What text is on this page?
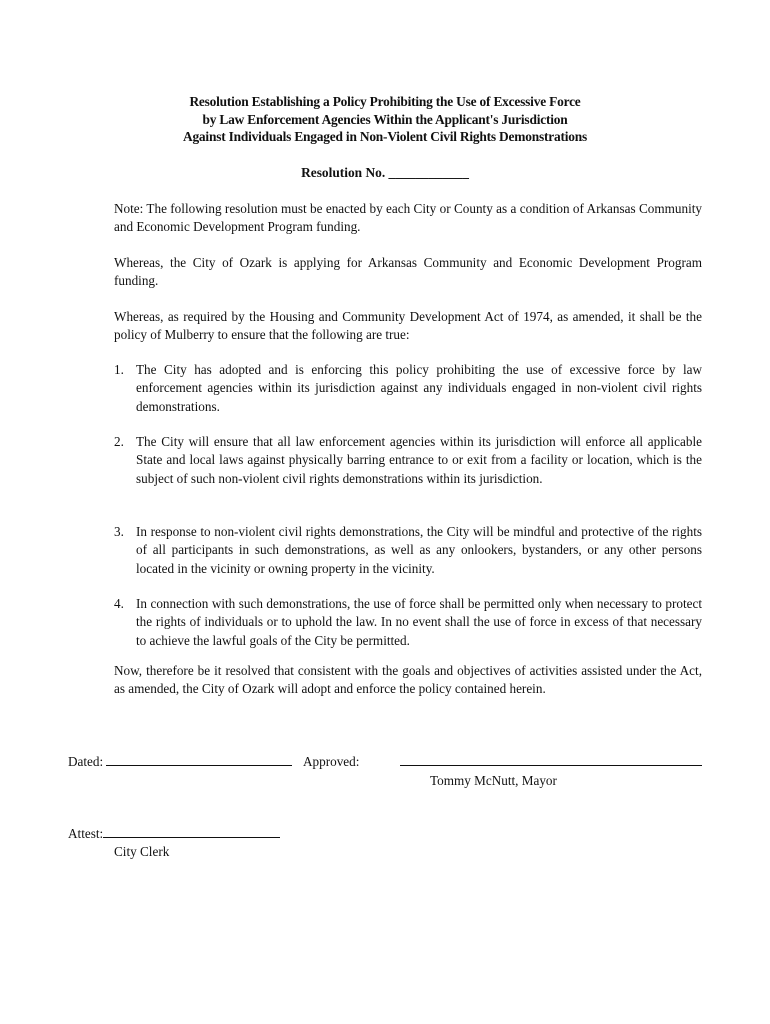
Resolution Establishing a Policy Prohibiting the Use of Excessive Force
by Law Enforcement Agencies Within the Applicant's Jurisdiction
Against Individuals Engaged in Non-Violent Civil Rights Demonstrations
Resolution No. ____________
Note: The following resolution must be enacted by each City or County as a condition of Arkansas Community and Economic Development Program funding.
Whereas, the City of Ozark is applying for Arkansas Community and Economic Development Program funding.
Whereas, as required by the Housing and Community Development Act of 1974, as amended, it shall be the policy of Mulberry to ensure that the following are true:
1. The City has adopted and is enforcing this policy prohibiting the use of excessive force by law enforcement agencies within its jurisdiction against any individuals engaged in non-violent civil rights demonstrations.
2. The City will ensure that all law enforcement agencies within its jurisdiction will enforce all applicable State and local laws against physically barring entrance to or exit from a facility or location, which is the subject of such non-violent civil rights demonstrations within its jurisdiction.
3. In response to non-violent civil rights demonstrations, the City will be mindful and protective of the rights of all participants in such demonstrations, as well as any onlookers, bystanders, or any other persons located in the vicinity or owning property in the vicinity.
4. In connection with such demonstrations, the use of force shall be permitted only when necessary to protect the rights of individuals or to uphold the law. In no event shall the use of force in excess of that necessary to achieve the lawful goals of the City be permitted.
Now, therefore be it resolved that consistent with the goals and objectives of activities assisted under the Act, as amended, the City of Ozark will adopt and enforce the policy contained herein.
Dated:	Approved:
Tommy McNutt, Mayor
Attest:
City Clerk
